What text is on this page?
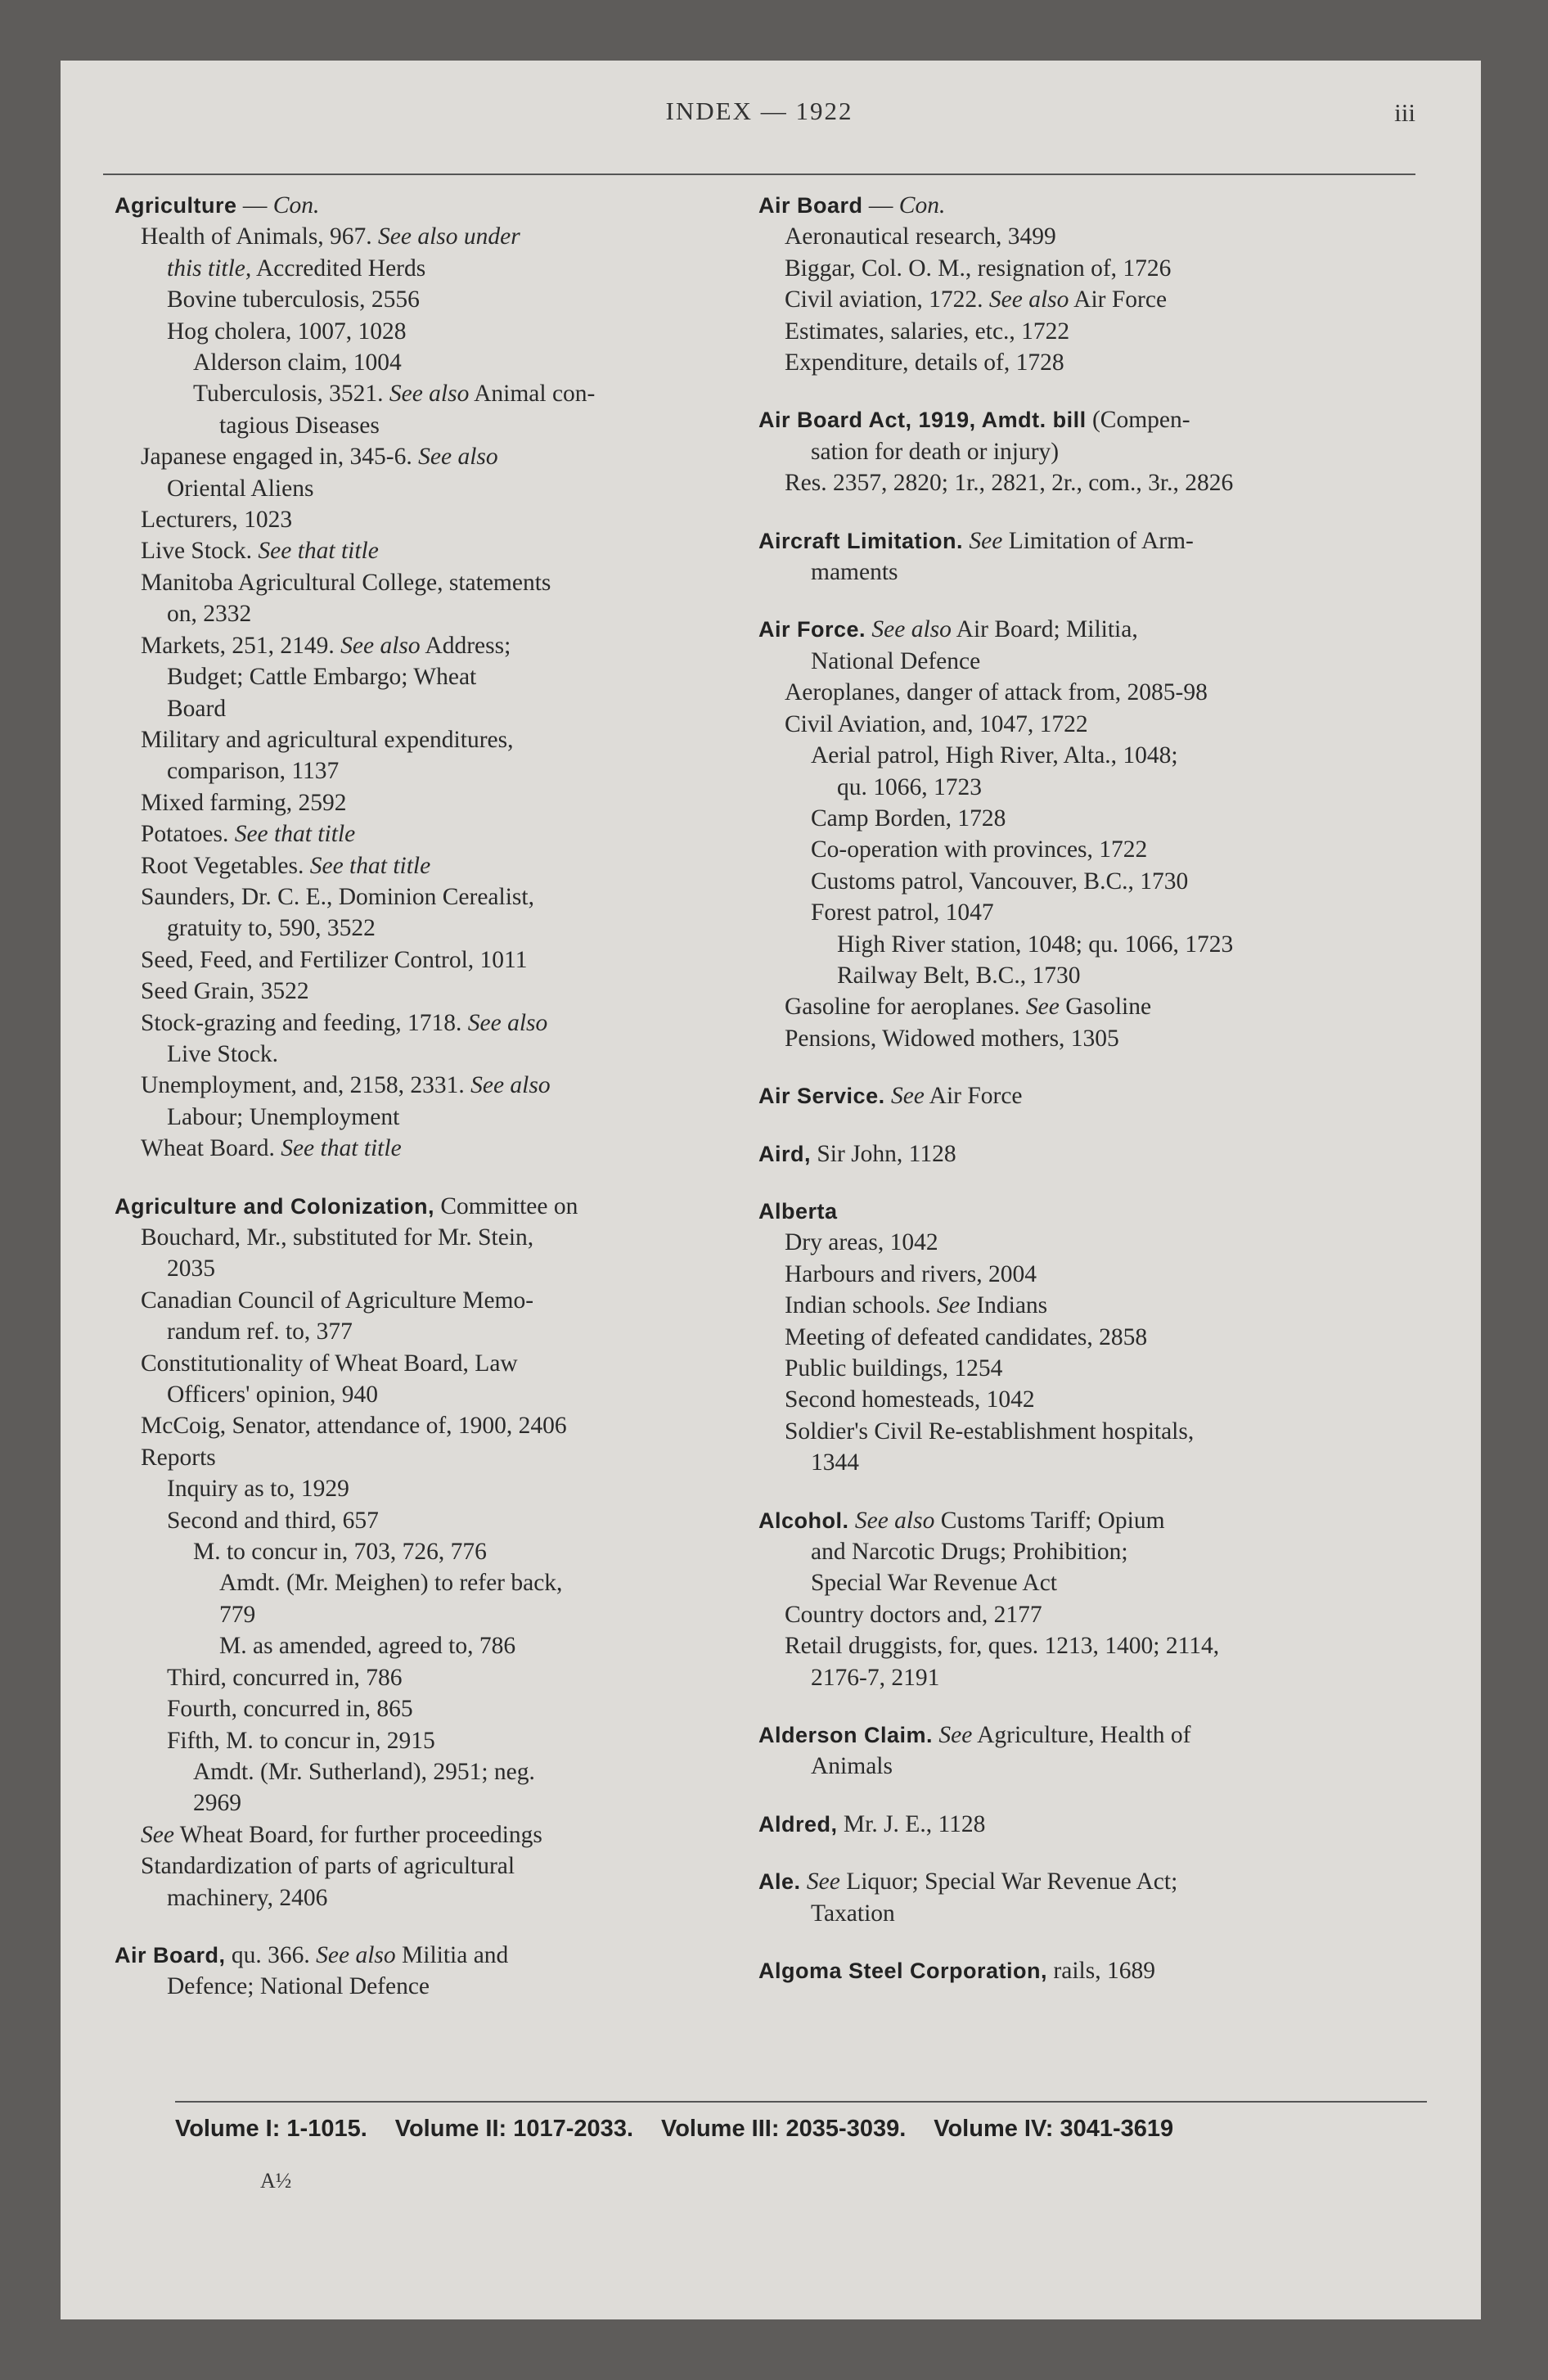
INDEX — 1922	iii
Agriculture — Con.
Health of Animals, 967. See also under
this title, Accredited Herds
Bovine tuberculosis, 2556
Hog cholera, 1007, 1028
Alderson claim, 1004
Tuberculosis, 3521. See also Animal con-
tagious Diseases
Japanese engaged in, 345-6. See also
Oriental Aliens
Lecturers, 1023
Live Stock. See that title
Manitoba Agricultural College, statements
on, 2332
Markets, 251, 2149. See also Address;
Budget; Cattle Embargo; Wheat
Board
Military and agricultural expenditures,
comparison, 1137
Mixed farming, 2592
Potatoes. See that title
Root Vegetables. See that title
Saunders, Dr. C. E., Dominion Cerealist,
gratuity to, 590, 3522
Seed, Feed, and Fertilizer Control, 1011
Seed Grain, 3522
Stock-grazing and feeding, 1718. See also
Live Stock.
Unemployment, and, 2158, 2331. See also
Labour; Unemployment
Wheat Board. See that title
Agriculture and Colonization, Committee on
Bouchard, Mr., substituted for Mr. Stein,
2035
Canadian Council of Agriculture Memo-
randum ref. to, 377
Constitutionality of Wheat Board, Law
Officers' opinion, 940
McCoig, Senator, attendance of, 1900, 2406
Reports
Inquiry as to, 1929
Second and third, 657
M. to concur in, 703, 726, 776
Amdt. (Mr. Meighen) to refer back,
779
M. as amended, agreed to, 786
Third, concurred in, 786
Fourth, concurred in, 865
Fifth, M. to concur in, 2915
Amdt. (Mr. Sutherland), 2951; neg.
2969
See Wheat Board, for further proceedings
Standardization of parts of agricultural
machinery, 2406
Air Board, qu. 366. See also Militia and
Defence; National Defence
Air Board — Con.
Aeronautical research, 3499
Biggar, Col. O. M., resignation of, 1726
Civil aviation, 1722. See also Air Force
Estimates, salaries, etc., 1722
Expenditure, details of, 1728
Air Board Act, 1919, Amdt. bill (Compen-
sation for death or injury)
Res. 2357, 2820; 1r., 2821, 2r., com., 3r., 2826
Aircraft Limitation. See Limitation of Arm-
maments
Air Force. See also Air Board; Militia,
National Defence
Aeroplanes, danger of attack from, 2085-98
Civil Aviation, and, 1047, 1722
Aerial patrol, High River, Alta., 1048;
qu. 1066, 1723
Camp Borden, 1728
Co-operation with provinces, 1722
Customs patrol, Vancouver, B.C., 1730
Forest patrol, 1047
High River station, 1048; qu. 1066, 1723
Railway Belt, B.C., 1730
Gasoline for aeroplanes. See Gasoline
Pensions, Widowed mothers, 1305
Air Service. See Air Force
Aird, Sir John, 1128
Alberta
Dry areas, 1042
Harbours and rivers, 2004
Indian schools. See Indians
Meeting of defeated candidates, 2858
Public buildings, 1254
Second homesteads, 1042
Soldier's Civil Re-establishment hospitals,
1344
Alcohol. See also Customs Tariff; Opium
and Narcotic Drugs; Prohibition;
Special War Revenue Act
Country doctors and, 2177
Retail druggists, for, ques. 1213, 1400; 2114,
2176-7, 2191
Alderson Claim. See Agriculture, Health of
Animals
Aldred, Mr. J. E., 1128
Ale. See Liquor; Special War Revenue Act;
Taxation
Algoma Steel Corporation, rails, 1689
Volume I: 1-1015. Volume II: 1017-2033. Volume III: 2035-3039. Volume IV: 3041-3619
A½
